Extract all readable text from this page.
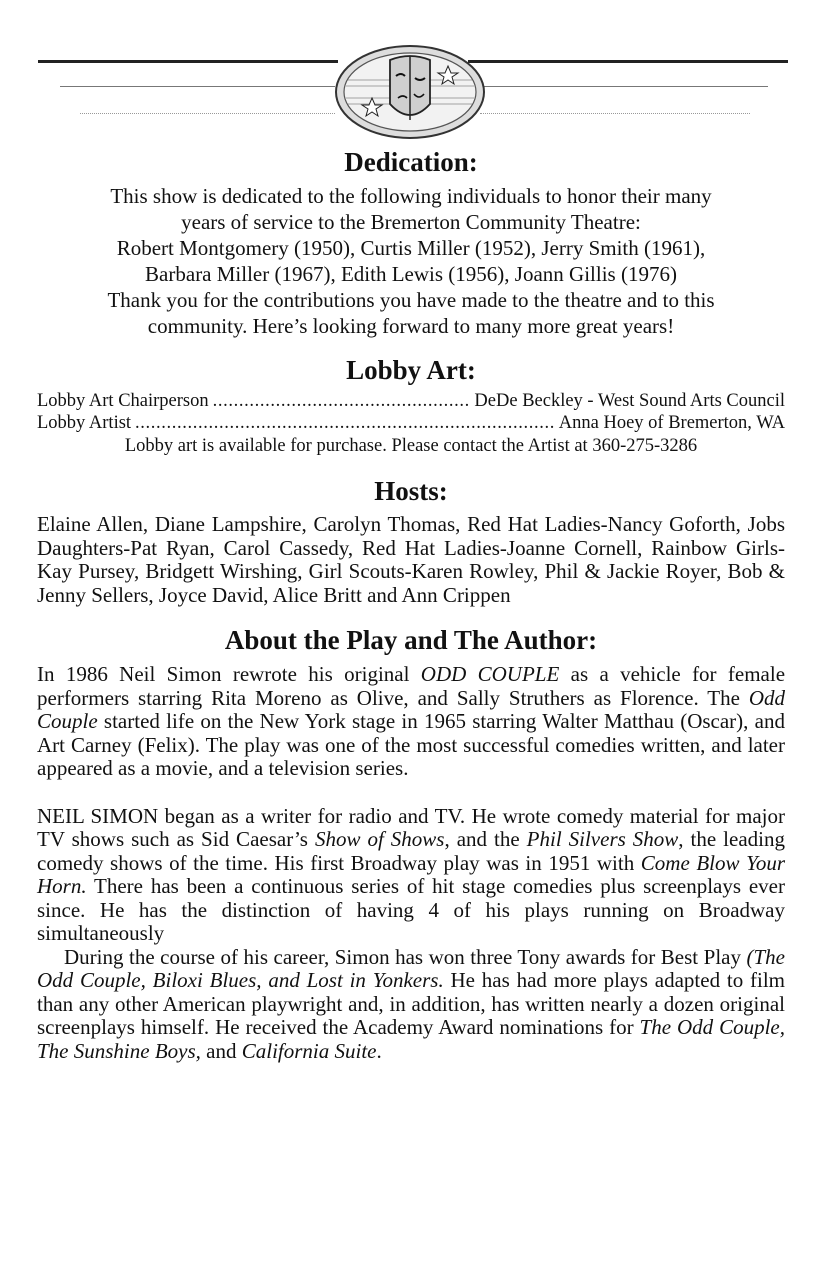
Dedication:

This show is dedicated to the following individuals to honor their many
years of service to the Bremerton Community Theatre:
Robert Montgomery (1950), Curtis Miller (1952), Jerry Smith (1961),
Barbara Miller (1967), Edith Lewis (1956), Joann Gillis (1976)
Thank you for the contributions you have made to the theatre and to this
community. Here’s looking forward to many more great years!

Lobby Art:
Lobby Art Chairperson . . .	DeDe Beckley - West Sound Arts Council
Lobby Artist . . .	Anna Hoey of Bremerton, WA
Lobby art is available for purchase. Please contact the Artist at 360-275-3286
Hosts:

Elaine Allen, Diane Lampshire, Carolyn Thomas, Red Hat Ladies-Nancy Goforth, Jobs Daughters-Pat Ryan, Carol Cassedy, Red Hat Ladies-Joanne Cornell, Rainbow Girls-Kay Pursey, Bridgett Wirshing, Girl Scouts-Karen Rowley, Phil & Jackie Royer, Bob & Jenny Sellers, Joyce David, Alice Britt and Ann Crippen

About the Play and The Author:

In 1986 Neil Simon rewrote his original ODD COUPLE as a vehicle for female performers starring Rita Moreno as Olive, and Sally Struthers as Florence. The Odd Couple started life on the New York stage in 1965 starring Walter Matthau (Oscar), and Art Carney (Felix). The play was one of the most successful comedies written, and later appeared as a movie, and a television series.

NEIL SIMON began as a writer for radio and TV. He wrote comedy material for major TV shows such as Sid Caesar’s Show of Shows, and the Phil Silvers Show, the leading comedy shows of the time. His first Broadway play was in 1951 with Come Blow Your Horn. There has been a continuous series of hit stage comedies plus screenplays ever since. He has the distinction of having 4 of his plays running on Broadway simultaneously

During the course of his career, Simon has won three Tony awards for Best Play (The Odd Couple, Biloxi Blues, and Lost in Yonkers. He has had more plays adapted to film than any other American playwright and, in addition, has written nearly a dozen original screenplays himself. He received the Academy Award nominations for The Odd Couple, The Sunshine Boys, and California Suite.
